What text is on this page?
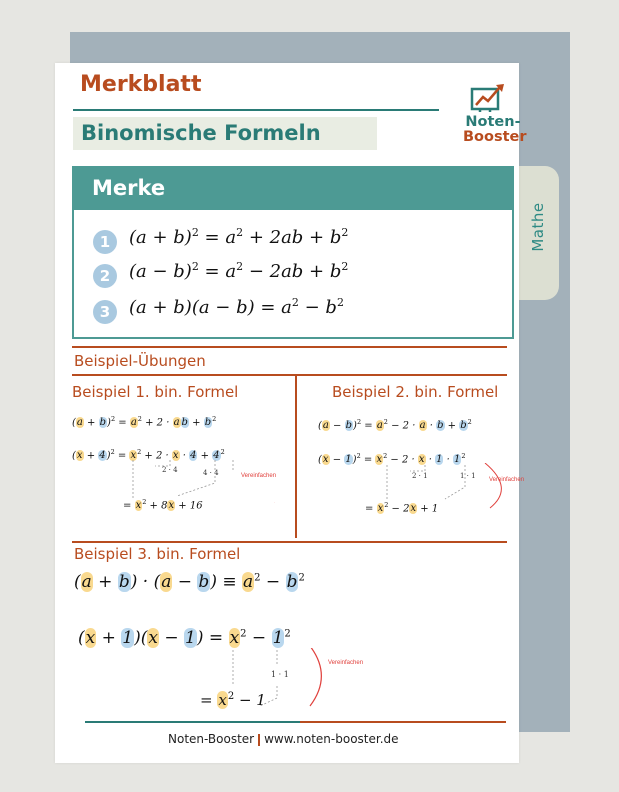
Mathe
Merkblatt
Binomische Formeln	Noten-
Booster
Merke
1	$(a + b)^2 = a^2 + 2ab + b^2$
2	$(a - b)^2 = a^2 - 2ab + b^2$
3	$(a + b)(a - b) = a^2 - b^2$
Beispiel-Übungen
Beispiel 1. bin. Formel
$(a + b)^2 = a^2 + 2 \cdot a$ $b + b^2$
$(x + 4)^2 = x^2 + 2 \cdot x \cdot 4 + 4^2$
2 · 4	4 · 4	Vereinfachen
= $x^2 + 8x + 16$
Beispiel 2. bin. Formel
$(a - b)^2 = a^2 - 2 \cdot a \cdot b + b^2$
$(x - 1)^2 = x^2 - 2 \cdot x \cdot 1 \cdot 1^2$
2 · 1	1 · 1 Vereinfachen
= $x^2 - 2x + 1$
Beispiel 3. bin. Formel
$(a + b) \cdot (a - b) \equiv a^2 - b^2$
$(x + 1)(x - 1) = x^2 - 1^2$
1 · 1
Vereinfachen
= $x^2 - 1$
Noten-Booster www.noten-booster.de
